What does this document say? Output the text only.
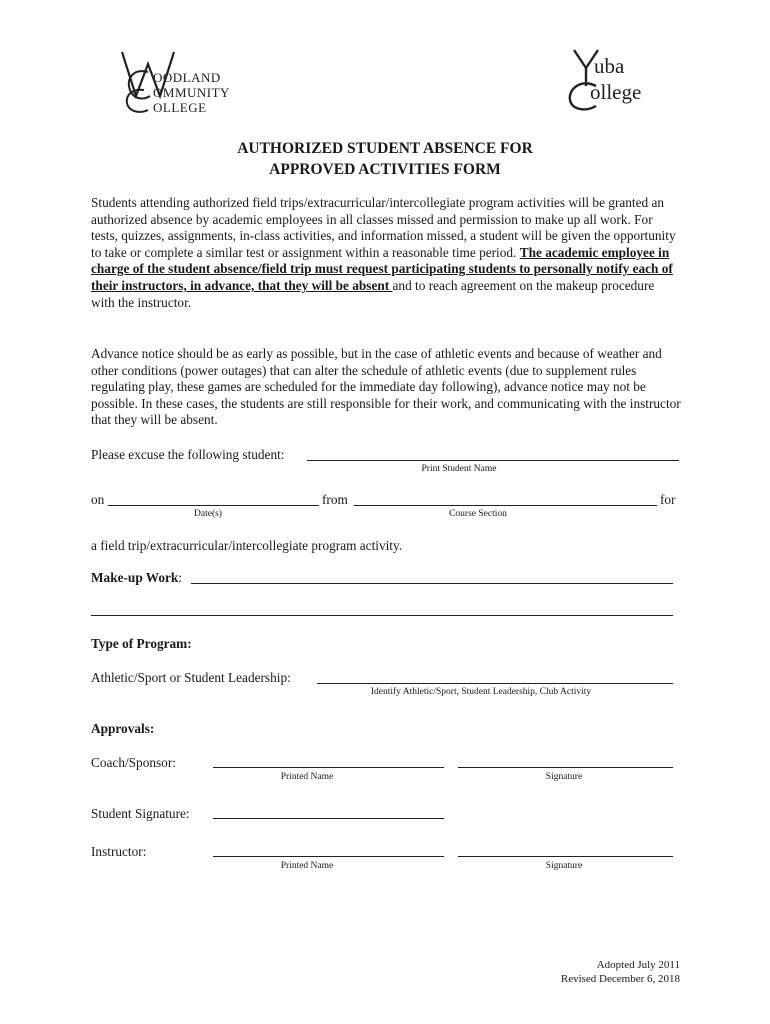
OODLAND
OMMUNITY
OLLEGE
uba
ollege
AUTHORIZED STUDENT ABSENCE FOR
APPROVED ACTIVITIES FORM
Students attending authorized field trips/extracurricular/intercollegiate program activities will be granted an authorized absence by academic employees in all classes missed and permission to make up all work. For tests, quizzes, assignments, in-class activities, and information missed, a student will be given the opportunity to take or complete a similar test or assignment within a reasonable time period. The academic employee in charge of the student absence/field trip must request participating students to personally notify each of their instructors, in advance, that they will be absent and to reach agreement on the makeup procedure with the instructor.
Advance notice should be as early as possible, but in the case of athletic events and because of weather and other conditions (power outages) that can alter the schedule of athletic events (due to supplement rules regulating play, these games are scheduled for the immediate day following), advance notice may not be possible. In these cases, the students are still responsible for their work, and communicating with the instructor that they will be absent.
Please excuse the following student:
Print Student Name
on
Date(s)
from
Course Section
for
a field trip/extracurricular/intercollegiate program activity.
Make-up Work:
Type of Program:
Athletic/Sport or Student Leadership:
Identify Athletic/Sport, Student Leadership, Club Activity
Approvals:
Coach/Sponsor:
Printed Name	Signature
Student Signature:
Instructor:
Printed Name	Signature
Adopted July 2011
Revised December 6, 2018
